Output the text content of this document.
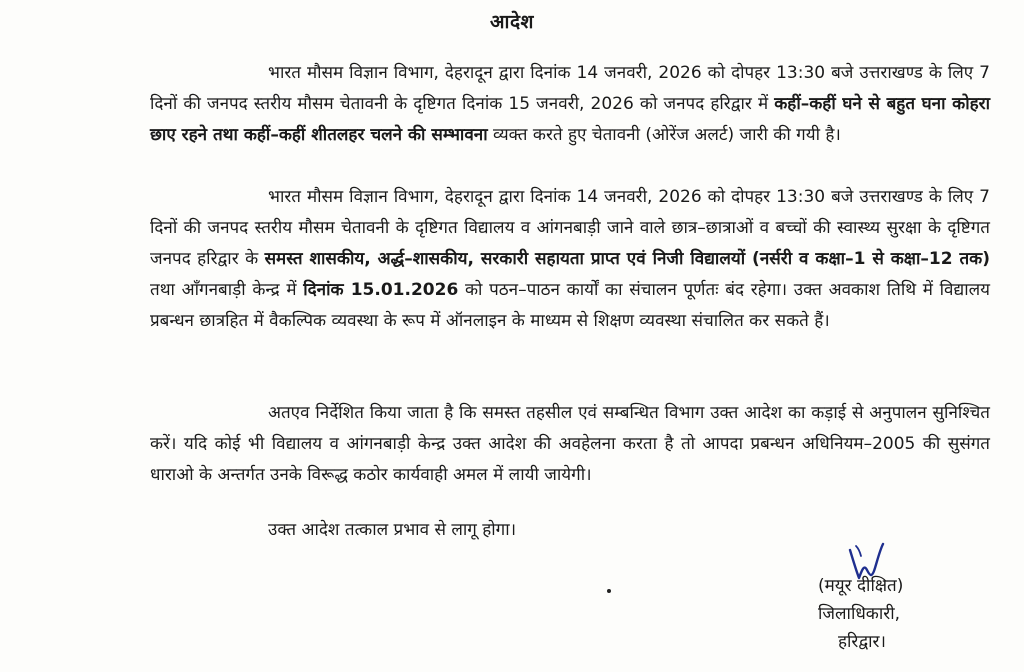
आदेश

भारत मौसम विज्ञान विभाग, देहरादून द्वारा दिनांक 14 जनवरी, 2026 को दोपहर 13:30 बजे उत्तराखण्ड के लिए 7 दिनों की जनपद स्तरीय मौसम चेतावनी के दृष्टिगत दिनांक 15 जनवरी, 2026 को जनपद हरिद्वार में कहीं–कहीं घने से बहुत घना कोहरा छाए रहने तथा कहीं–कहीं शीतलहर चलने की सम्भावना व्यक्त करते हुए चेतावनी (ओरेंज अलर्ट) जारी की गयी है।

भारत मौसम विज्ञान विभाग, देहरादून द्वारा दिनांक 14 जनवरी, 2026 को दोपहर 13:30 बजे उत्तराखण्ड के लिए 7 दिनों की जनपद स्तरीय मौसम चेतावनी के दृष्टिगत विद्यालय व आंगनबाड़ी जाने वाले छात्र–छात्राओं व बच्चों की स्वास्थ्य सुरक्षा के दृष्टिगत जनपद हरिद्वार के समस्त शासकीय, अर्द्ध–शासकीय, सरकारी सहायता प्राप्त एवं निजी विद्यालयों (नर्सरी व कक्षा–1 से कक्षा–12 तक) तथा आँगनबाड़ी केन्द्र में दिनांक 15.01.2026 को पठन–पाठन कार्यों का संचालन पूर्णतः बंद रहेगा। उक्त अवकाश तिथि में विद्यालय प्रबन्धन छात्रहित में वैकल्पिक व्यवस्था के रूप में ऑनलाइन के माध्यम से शिक्षण व्यवस्था संचालित कर सकते हैं।

अतएव निर्देशित किया जाता है कि समस्त तहसील एवं सम्बन्धित विभाग उक्त आदेश का कड़ाई से अनुपालन सुनिश्चित करें। यदि कोई भी विद्यालय व आंगनबाड़ी केन्द्र उक्त आदेश की अवहेलना करता है तो आपदा प्रबन्धन अधिनियम–2005 की सुसंगत धाराओ के अन्तर्गत उनके विरूद्ध कठोर कार्यवाही अमल में लायी जायेगी।

उक्त आदेश तत्काल प्रभाव से लागू होगा।

(मयूर दीक्षित)
जिलाधिकारी,
हरिद्वार।
